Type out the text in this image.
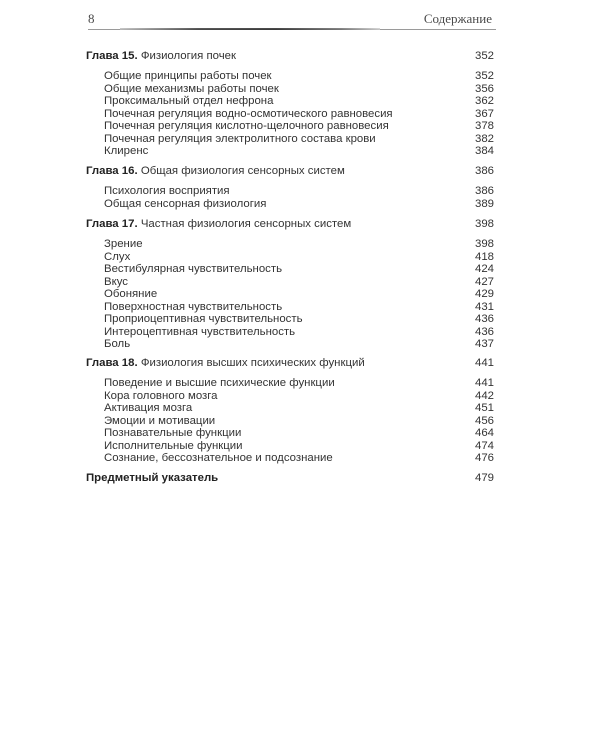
8	Содержание
Глава 15. Физиология почек	352
Общие принципы работы почек	352
Общие механизмы работы почек	356
Проксимальный отдел нефрона	362
Почечная регуляция водно-осмотического равновесия	367
Почечная регуляция кислотно-щелочного равновесия	378
Почечная регуляция электролитного состава крови	382
Клиренс	384
Глава 16. Общая физиология сенсорных систем	386
Психология восприятия	386
Общая сенсорная физиология	389
Глава 17. Частная физиология сенсорных систем	398
Зрение	398
Слух	418
Вестибулярная чувствительность	424
Вкус	427
Обоняние	429
Поверхностная чувствительность	431
Проприоцептивная чувствительность	436
Интероцептивная чувствительность	436
Боль	437
Глава 18. Физиология высших психических функций	441
Поведение и высшие психические функции	441
Кора головного мозга	442
Активация мозга	451
Эмоции и мотивации	456
Познавательные функции	464
Исполнительные функции	474
Сознание, бессознательное и подсознание	476
Предметный указатель	479
